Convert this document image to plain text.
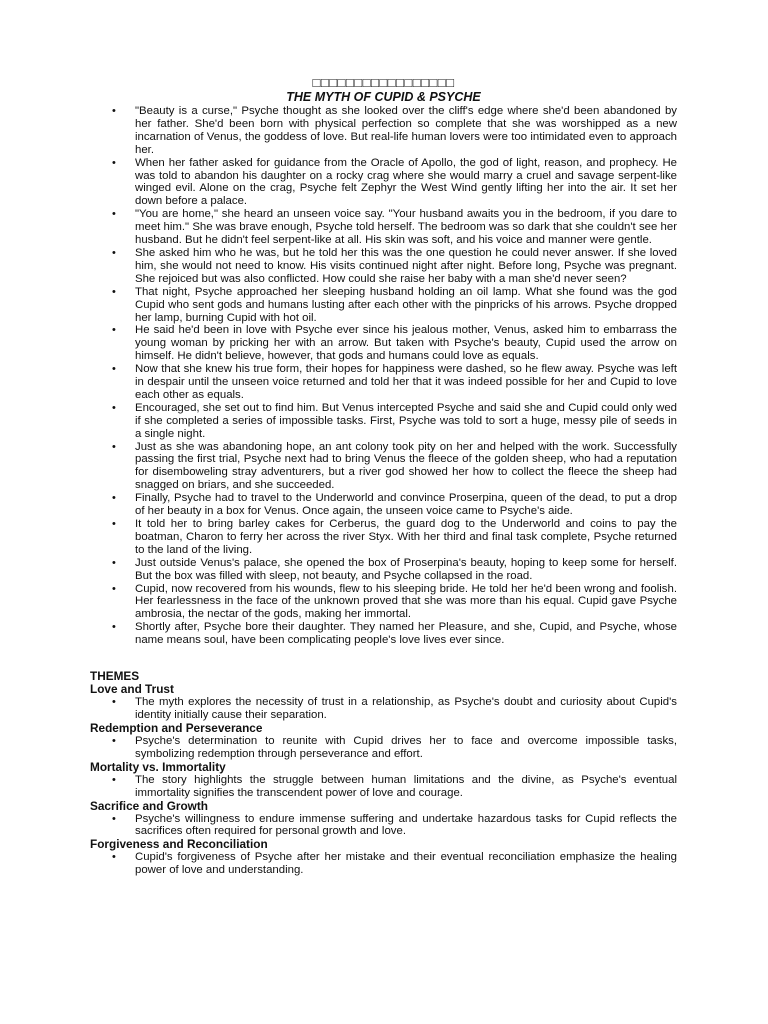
□□□□□□□□□□□□□□□□□
THE MYTH OF CUPID & PSYCHE
• "Beauty is a curse," Psyche thought as she looked over the cliff's edge where she'd been abandoned by her father. She'd been born with physical perfection so complete that she was worshipped as a new incarnation of Venus, the goddess of love. But real-life human lovers were too intimidated even to approach her.
• When her father asked for guidance from the Oracle of Apollo, the god of light, reason, and prophecy. He was told to abandon his daughter on a rocky crag where she would marry a cruel and savage serpent-like winged evil. Alone on the crag, Psyche felt Zephyr the West Wind gently lifting her into the air. It set her down before a palace.
• "You are home," she heard an unseen voice say. "Your husband awaits you in the bedroom, if you dare to meet him." She was brave enough, Psyche told herself. The bedroom was so dark that she couldn't see her husband. But he didn't feel serpent-like at all. His skin was soft, and his voice and manner were gentle.
• She asked him who he was, but he told her this was the one question he could never answer. If she loved him, she would not need to know. His visits continued night after night. Before long, Psyche was pregnant. She rejoiced but was also conflicted. How could she raise her baby with a man she'd never seen?
• That night, Psyche approached her sleeping husband holding an oil lamp. What she found was the god Cupid who sent gods and humans lusting after each other with the pinpricks of his arrows. Psyche dropped her lamp, burning Cupid with hot oil.
• He said he'd been in love with Psyche ever since his jealous mother, Venus, asked him to embarrass the young woman by pricking her with an arrow. But taken with Psyche's beauty, Cupid used the arrow on himself. He didn't believe, however, that gods and humans could love as equals.
• Now that she knew his true form, their hopes for happiness were dashed, so he flew away. Psyche was left in despair until the unseen voice returned and told her that it was indeed possible for her and Cupid to love each other as equals.
• Encouraged, she set out to find him. But Venus intercepted Psyche and said she and Cupid could only wed if she completed a series of impossible tasks. First, Psyche was told to sort a huge, messy pile of seeds in a single night.
• Just as she was abandoning hope, an ant colony took pity on her and helped with the work. Successfully passing the first trial, Psyche next had to bring Venus the fleece of the golden sheep, who had a reputation for disemboweling stray adventurers, but a river god showed her how to collect the fleece the sheep had snagged on briars, and she succeeded.
• Finally, Psyche had to travel to the Underworld and convince Proserpina, queen of the dead, to put a drop of her beauty in a box for Venus. Once again, the unseen voice came to Psyche's aide.
• It told her to bring barley cakes for Cerberus, the guard dog to the Underworld and coins to pay the boatman, Charon to ferry her across the river Styx. With her third and final task complete, Psyche returned to the land of the living.
• Just outside Venus's palace, she opened the box of Proserpina's beauty, hoping to keep some for herself. But the box was filled with sleep, not beauty, and Psyche collapsed in the road.
• Cupid, now recovered from his wounds, flew to his sleeping bride. He told her he'd been wrong and foolish. Her fearlessness in the face of the unknown proved that she was more than his equal. Cupid gave Psyche ambrosia, the nectar of the gods, making her immortal.
• Shortly after, Psyche bore their daughter. They named her Pleasure, and she, Cupid, and Psyche, whose name means soul, have been complicating people's love lives ever since.
THEMES
Love and Trust
• The myth explores the necessity of trust in a relationship, as Psyche's doubt and curiosity about Cupid's identity initially cause their separation.
Redemption and Perseverance
• Psyche's determination to reunite with Cupid drives her to face and overcome impossible tasks, symbolizing redemption through perseverance and effort.
Mortality vs. Immortality
• The story highlights the struggle between human limitations and the divine, as Psyche's eventual immortality signifies the transcendent power of love and courage.
Sacrifice and Growth
• Psyche's willingness to endure immense suffering and undertake hazardous tasks for Cupid reflects the sacrifices often required for personal growth and love.
Forgiveness and Reconciliation
• Cupid's forgiveness of Psyche after her mistake and their eventual reconciliation emphasize the healing power of love and understanding.
